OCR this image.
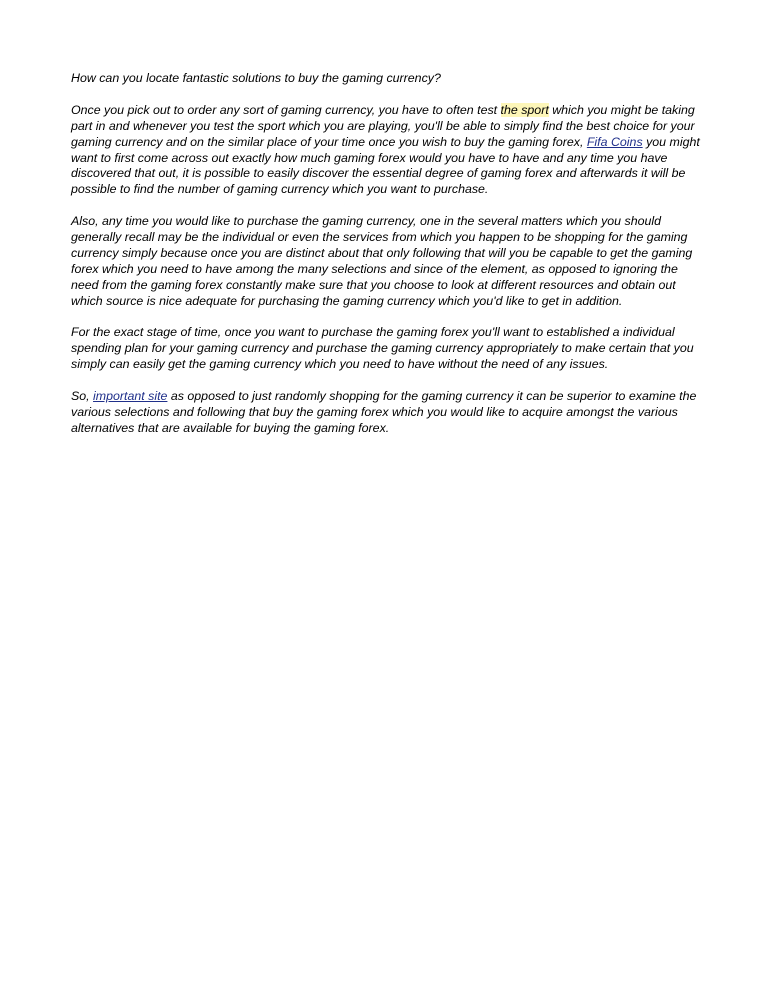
How can you locate fantastic solutions to buy the gaming currency?

Once you pick out to order any sort of gaming currency, you have to often test the sport which you might be taking part in and whenever you test the sport which you are playing, you'll be able to simply find the best choice for your gaming currency and on the similar place of your time once you wish to buy the gaming forex, Fifa Coins you might want to first come across out exactly how much gaming forex would you have to have and any time you have discovered that out, it is possible to easily discover the essential degree of gaming forex and afterwards it will be possible to find the number of gaming currency which you want to purchase.

Also, any time you would like to purchase the gaming currency, one in the several matters which you should generally recall may be the individual or even the services from which you happen to be shopping for the gaming currency simply because once you are distinct about that only following that will you be capable to get the gaming forex which you need to have among the many selections and since of the element, as opposed to ignoring the need from the gaming forex constantly make sure that you choose to look at different resources and obtain out which source is nice adequate for purchasing the gaming currency which you'd like to get in addition.

For the exact stage of time, once you want to purchase the gaming forex you'll want to established a individual spending plan for your gaming currency and purchase the gaming currency appropriately to make certain that you simply can easily get the gaming currency which you need to have without the need of any issues.

So, important site as opposed to just randomly shopping for the gaming currency it can be superior to examine the various selections and following that buy the gaming forex which you would like to acquire amongst the various alternatives that are available for buying the gaming forex.
